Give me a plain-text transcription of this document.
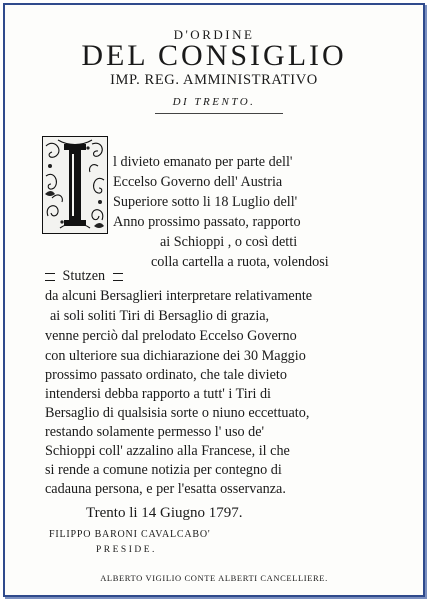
D'ORDINE
DEL CONSIGLIO
IMP. REG. AMMINISTRATIVO
DI TRENTO.
l divieto emanato per parte dell'
Eccelso Governo dell' Austria
Superiore sotto li 18 Luglio dell'
Anno prossimo passato, rapporto
ai Schioppi , o così detti
Stutzen
colla cartella a ruota, volendosi
da alcuni Bersaglieri interpretare relativamente
ai soli soliti Tiri di Bersaglio di grazia,
venne perciò dal prelodato Eccelso Governo
con ulteriore sua dichiarazione dei 30 Maggio
prossimo passato ordinato, che tale divieto
intendersi debba rapporto a tutt' i Tiri di
Bersaglio di qualsisia sorte o niuno eccettuato,
restando solamente permesso l' uso de'
Schioppi coll' azzalino alla Francese, il che
si rende a comune notizia per contegno di
cadauna persona, e per l'esatta osservanza.
Trento li 14 Giugno 1797.
FILIPPO BARONI CAVALCABO'
PRESIDE.
ALBERTO VIGILIO CONTE ALBERTI CANCELLIERE.
